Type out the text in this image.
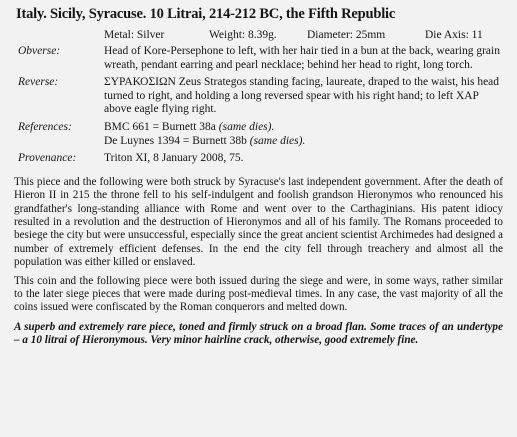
Italy. Sicily, Syracuse. 10 Litrai, 214-212 BC, the Fifth Republic
Metal: Silver	Weight: 8.39g.	Diameter: 25mm	Die Axis: 11
Obverse:	Head of Kore-Persephone to left, with her hair tied in a bun at the back, wearing grain wreath, pendant earring and pearl necklace; behind her head to right, long torch.
Reverse:	ΣΥΡΑΚΟΣΙΩΝ Zeus Strategos standing facing, laureate, draped to the waist, his head turned to right, and holding a long reversed spear with his right hand; to left ΧΑΡ above eagle flying right.
References:	BMC 661 = Burnett 38a (same dies).
De Luynes 1394 = Burnett 38b (same dies).
Provenance:	Triton XI, 8 January 2008, 75.

This piece and the following were both struck by Syracuse's last independent government. After the death of Hieron II in 215 the throne fell to his self-indulgent and foolish grandson Hieronymos who renounced his grandfather's long-standing alliance with Rome and went over to the Carthaginians. His patent idiocy resulted in a revolution and the destruction of Hieronymos and all of his family. The Romans proceeded to besiege the city but were unsuccessful, especially since the great ancient scientist Archimedes had designed a number of extremely efficient defenses. In the end the city fell through treachery and almost all the population was either killed or enslaved.

This coin and the following piece were both issued during the siege and were, in some ways, rather similar to the later siege pieces that were made during post-medieval times. In any case, the vast majority of all the coins issued were confiscated by the Roman conquerors and melted down.

A superb and extremely rare piece, toned and firmly struck on a broad flan. Some traces of an undertype – a 10 litrai of Hieronymous. Very minor hairline crack, otherwise, good extremely fine.
